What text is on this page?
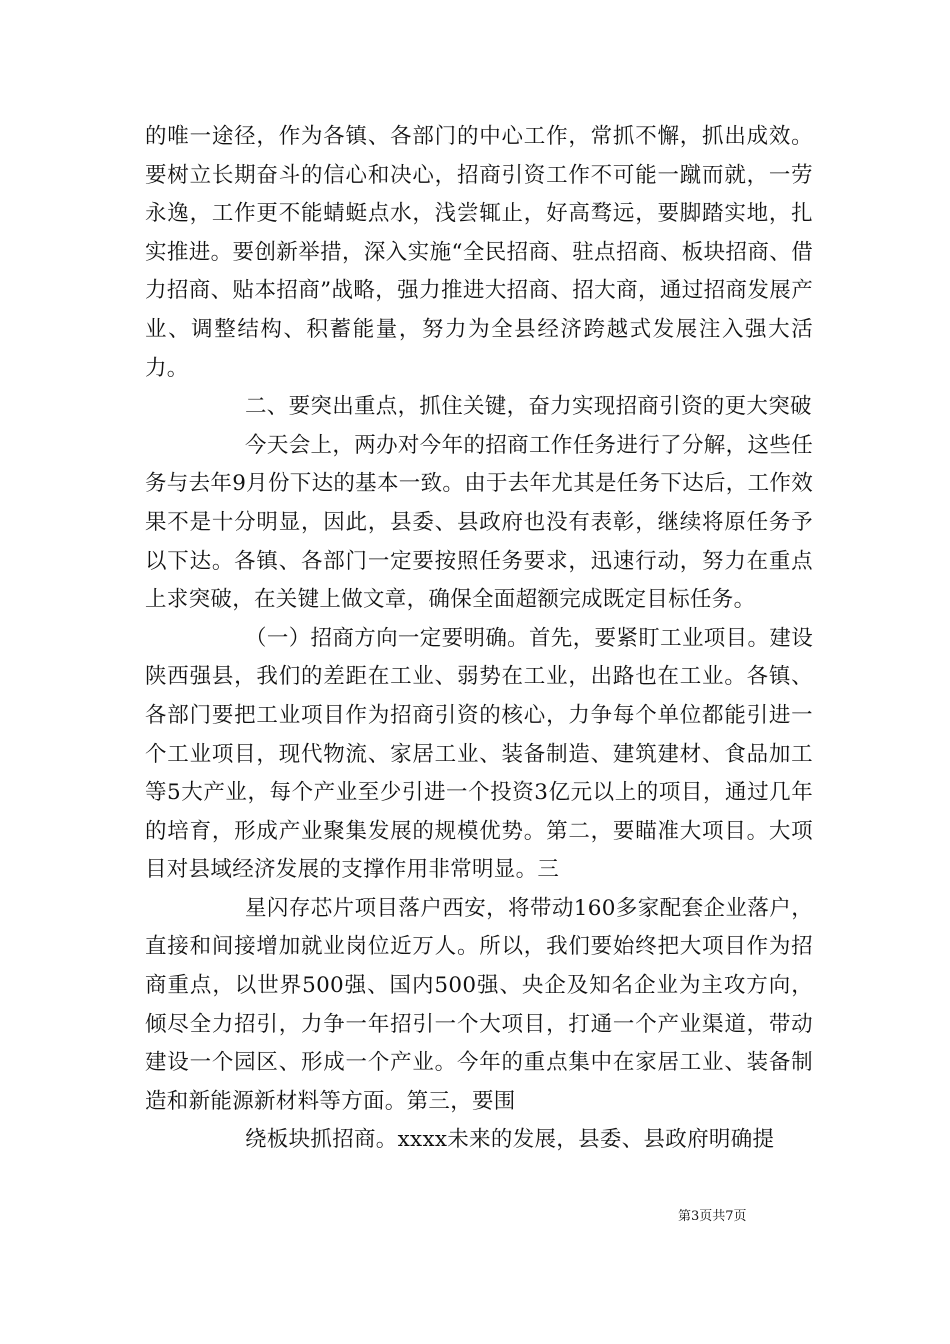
的唯一途径，作为各镇、各部门的中心工作，常抓不懈，抓出成效。要树立长期奋斗的信心和决心，招商引资工作不可能一蹴而就，一劳永逸，工作更不能蜻蜓点水，浅尝辄止，好高骛远，要脚踏实地，扎实推进。要创新举措，深入实施“全民招商、驻点招商、板块招商、借力招商、贴本招商”战略，强力推进大招商、招大商，通过招商发展产业、调整结构、积蓄能量，努力为全县经济跨越式发展注入强大活力。

二、要突出重点，抓住关键，奋力实现招商引资的更大突破

今天会上，两办对今年的招商工作任务进行了分解，这些任务与去年9月份下达的基本一致。由于去年尤其是任务下达后，工作效果不是十分明显，因此，县委、县政府也没有表彰，继续将原任务予以下达。各镇、各部门一定要按照任务要求，迅速行动，努力在重点上求突破，在关键上做文章，确保全面超额完成既定目标任务。

（一）招商方向一定要明确。首先，要紧盯工业项目。建设陕西强县，我们的差距在工业、弱势在工业，出路也在工业。各镇、各部门要把工业项目作为招商引资的核心，力争每个单位都能引进一个工业项目，现代物流、家居工业、装备制造、建筑建材、食品加工等5大产业，每个产业至少引进一个投资3亿元以上的项目，通过几年的培育，形成产业聚集发展的规模优势。第二，要瞄准大项目。大项目对县域经济发展的支撑作用非常明显。三

星闪存芯片项目落户西安，将带动160多家配套企业落户，直接和间接增加就业岗位近万人。所以，我们要始终把大项目作为招商重点，以世界500强、国内500强、央企及知名企业为主攻方向，倾尽全力招引，力争一年招引一个大项目，打通一个产业渠道，带动建设一个园区、形成一个产业。今年的重点集中在家居工业、装备制造和新能源新材料等方面。第三，要围

绕板块抓招商。xxxx未来的发展，县委、县政府明确提

第3页共7页
